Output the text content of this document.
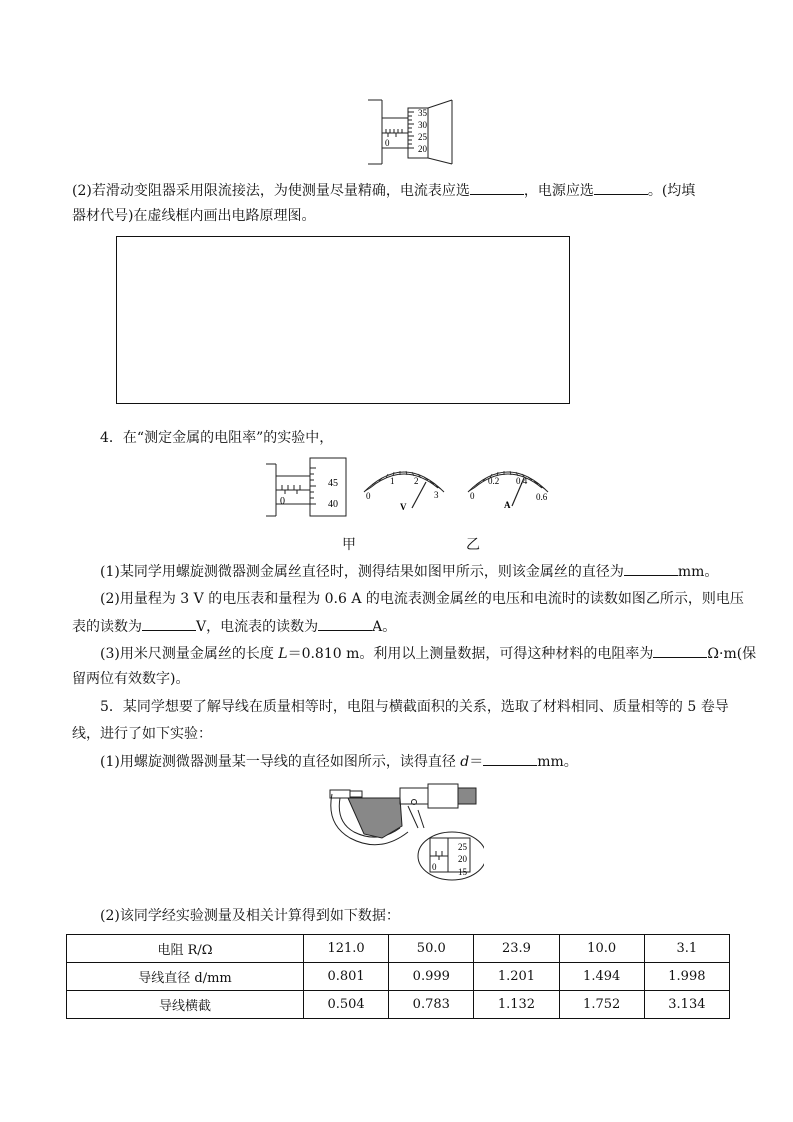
35
30
25
20
0
(2)若滑动变阻器采用限流接法，为使测量尽量精确，电流表应选	，电源应选	。(均填
器材代号)在虚线框内画出电路原理图。
4．在“测定金属的电阻率”的实验中，
45
40
0	0
1 2
3
V
0
0.2 0.4
0.6
A
甲	乙
(1)某同学用螺旋测微器测金属丝直径时，测得结果如图甲所示，则该金属丝的直径为	mm。
(2)用量程为 3 V 的电压表和量程为 0.6 A 的电流表测金属丝的电压和电流时的读数如图乙所示，则电压
表的读数为	V，电流表的读数为	A。
(3)用米尺测量金属丝的长度 L＝0.810 m。利用以上测量数据，可得这种材料的电阻率为	Ω·m(保
留两位有效数字)。
5．某同学想要了解导线在质量相等时，电阻与横截面积的关系，选取了材料相同、质量相等的 5 卷导
线，进行了如下实验：
(1)用螺旋测微器测量某一导线的直径如图所示，读得直径 d＝	mm。
25
20
15
0
(2)该同学经实验测量及相关计算得到如下数据：
电阻 R/Ω	121.0	50.0	23.9	10.0	3.1
导线直径 d/mm	0.801	0.999	1.201	1.494	1.998
导线横截	0.504	0.783	1.132	1.752	3.134
